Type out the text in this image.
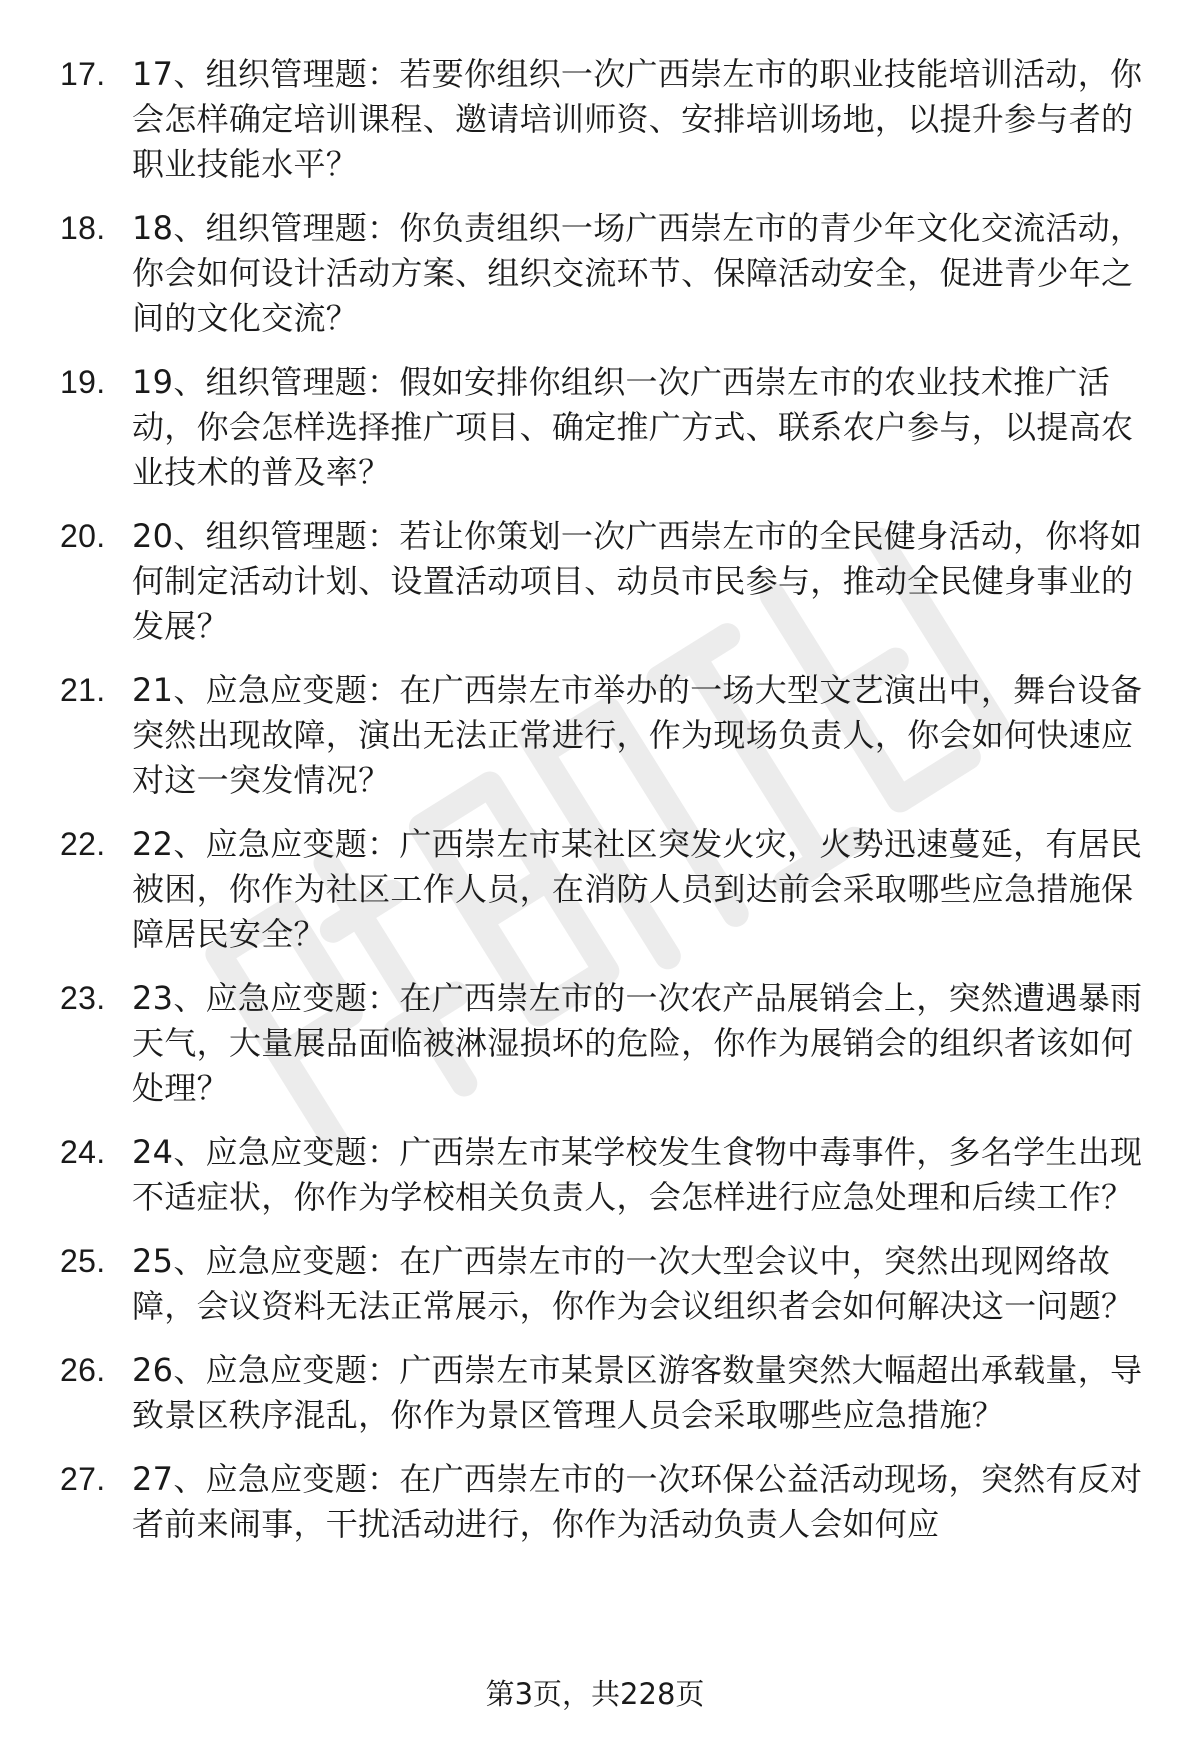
17. 17、组织管理题：若要你组织一次广西崇左市的职业技能培训活动，你会怎样确定培训课程、邀请培训师资、安排培训场地，以提升参与者的职业技能水平？
18. 18、组织管理题：你负责组织一场广西崇左市的青少年文化交流活动，你会如何设计活动方案、组织交流环节、保障活动安全，促进青少年之间的文化交流？
19. 19、组织管理题：假如安排你组织一次广西崇左市的农业技术推广活动，你会怎样选择推广项目、确定推广方式、联系农户参与，以提高农业技术的普及率？
20. 20、组织管理题：若让你策划一次广西崇左市的全民健身活动，你将如何制定活动计划、设置活动项目、动员市民参与，推动全民健身事业的发展？
21. 21、应急应变题：在广西崇左市举办的一场大型文艺演出中，舞台设备突然出现故障，演出无法正常进行，作为现场负责人，你会如何快速应对这一突发情况？
22. 22、应急应变题：广西崇左市某社区突发火灾，火势迅速蔓延，有居民被困，你作为社区工作人员，在消防人员到达前会采取哪些应急措施保障居民安全？
23. 23、应急应变题：在广西崇左市的一次农产品展销会上，突然遭遇暴雨天气，大量展品面临被淋湿损坏的危险，你作为展销会的组织者该如何处理？
24. 24、应急应变题：广西崇左市某学校发生食物中毒事件，多名学生出现不适症状，你作为学校相关负责人，会怎样进行应急处理和后续工作？
25. 25、应急应变题：在广西崇左市的一次大型会议中，突然出现网络故障，会议资料无法正常展示，你作为会议组织者会如何解决这一问题？
26. 26、应急应变题：广西崇左市某景区游客数量突然大幅超出承载量，导致景区秩序混乱，你作为景区管理人员会采取哪些应急措施？
27. 27、应急应变题：在广西崇左市的一次环保公益活动现场，突然有反对者前来闹事，干扰活动进行，你作为活动负责人会如何应
第3页，共228页
